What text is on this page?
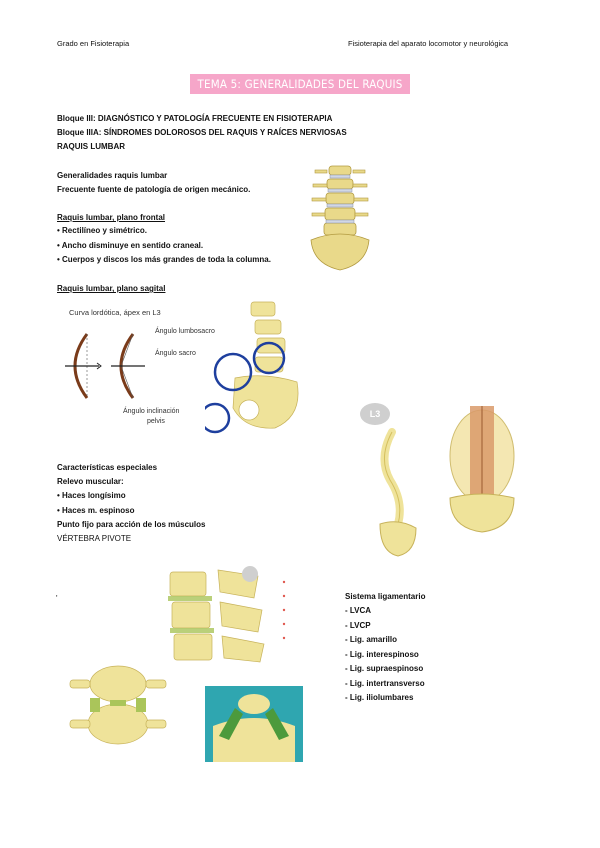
Grado en Fisioterapia	Fisioterapia del aparato locomotor y neurológica
TEMA 5: GENERALIDADES DEL RAQUIS
Bloque III: DIAGNÓSTICO Y PATOLOGÍA FRECUENTE EN FISIOTERAPIA
Bloque IIIA: SÍNDROMES DOLOROSOS DEL RAQUIS Y RAÍCES NERVIOSAS
RAQUIS LUMBAR
Generalidades raquis lumbar
Frecuente fuente de patología de origen mecánico.
Raquis lumbar, plano frontal
• Rectilíneo y simétrico.
• Ancho disminuye en sentido craneal.
• Cuerpos y discos los más grandes de toda la columna.
Raquis lumbar, plano sagital
Curva lordótica, ápex en L3
Ángulo lumbosacro
Ángulo sacro
Ángulo inclinación
pelvis
Características especiales
Relevo muscular:
• Haces longísimo
• Haces m. espinoso
Punto fijo para acción de los músculos
VÉRTEBRA PIVOTE
L3
'	Sistema ligamentario
- LVCA
- LVCP
- Lig. amarillo
- Lig. interespinoso
- Lig. supraespinoso
- Lig. intertransverso
- Lig. iliolumbares
